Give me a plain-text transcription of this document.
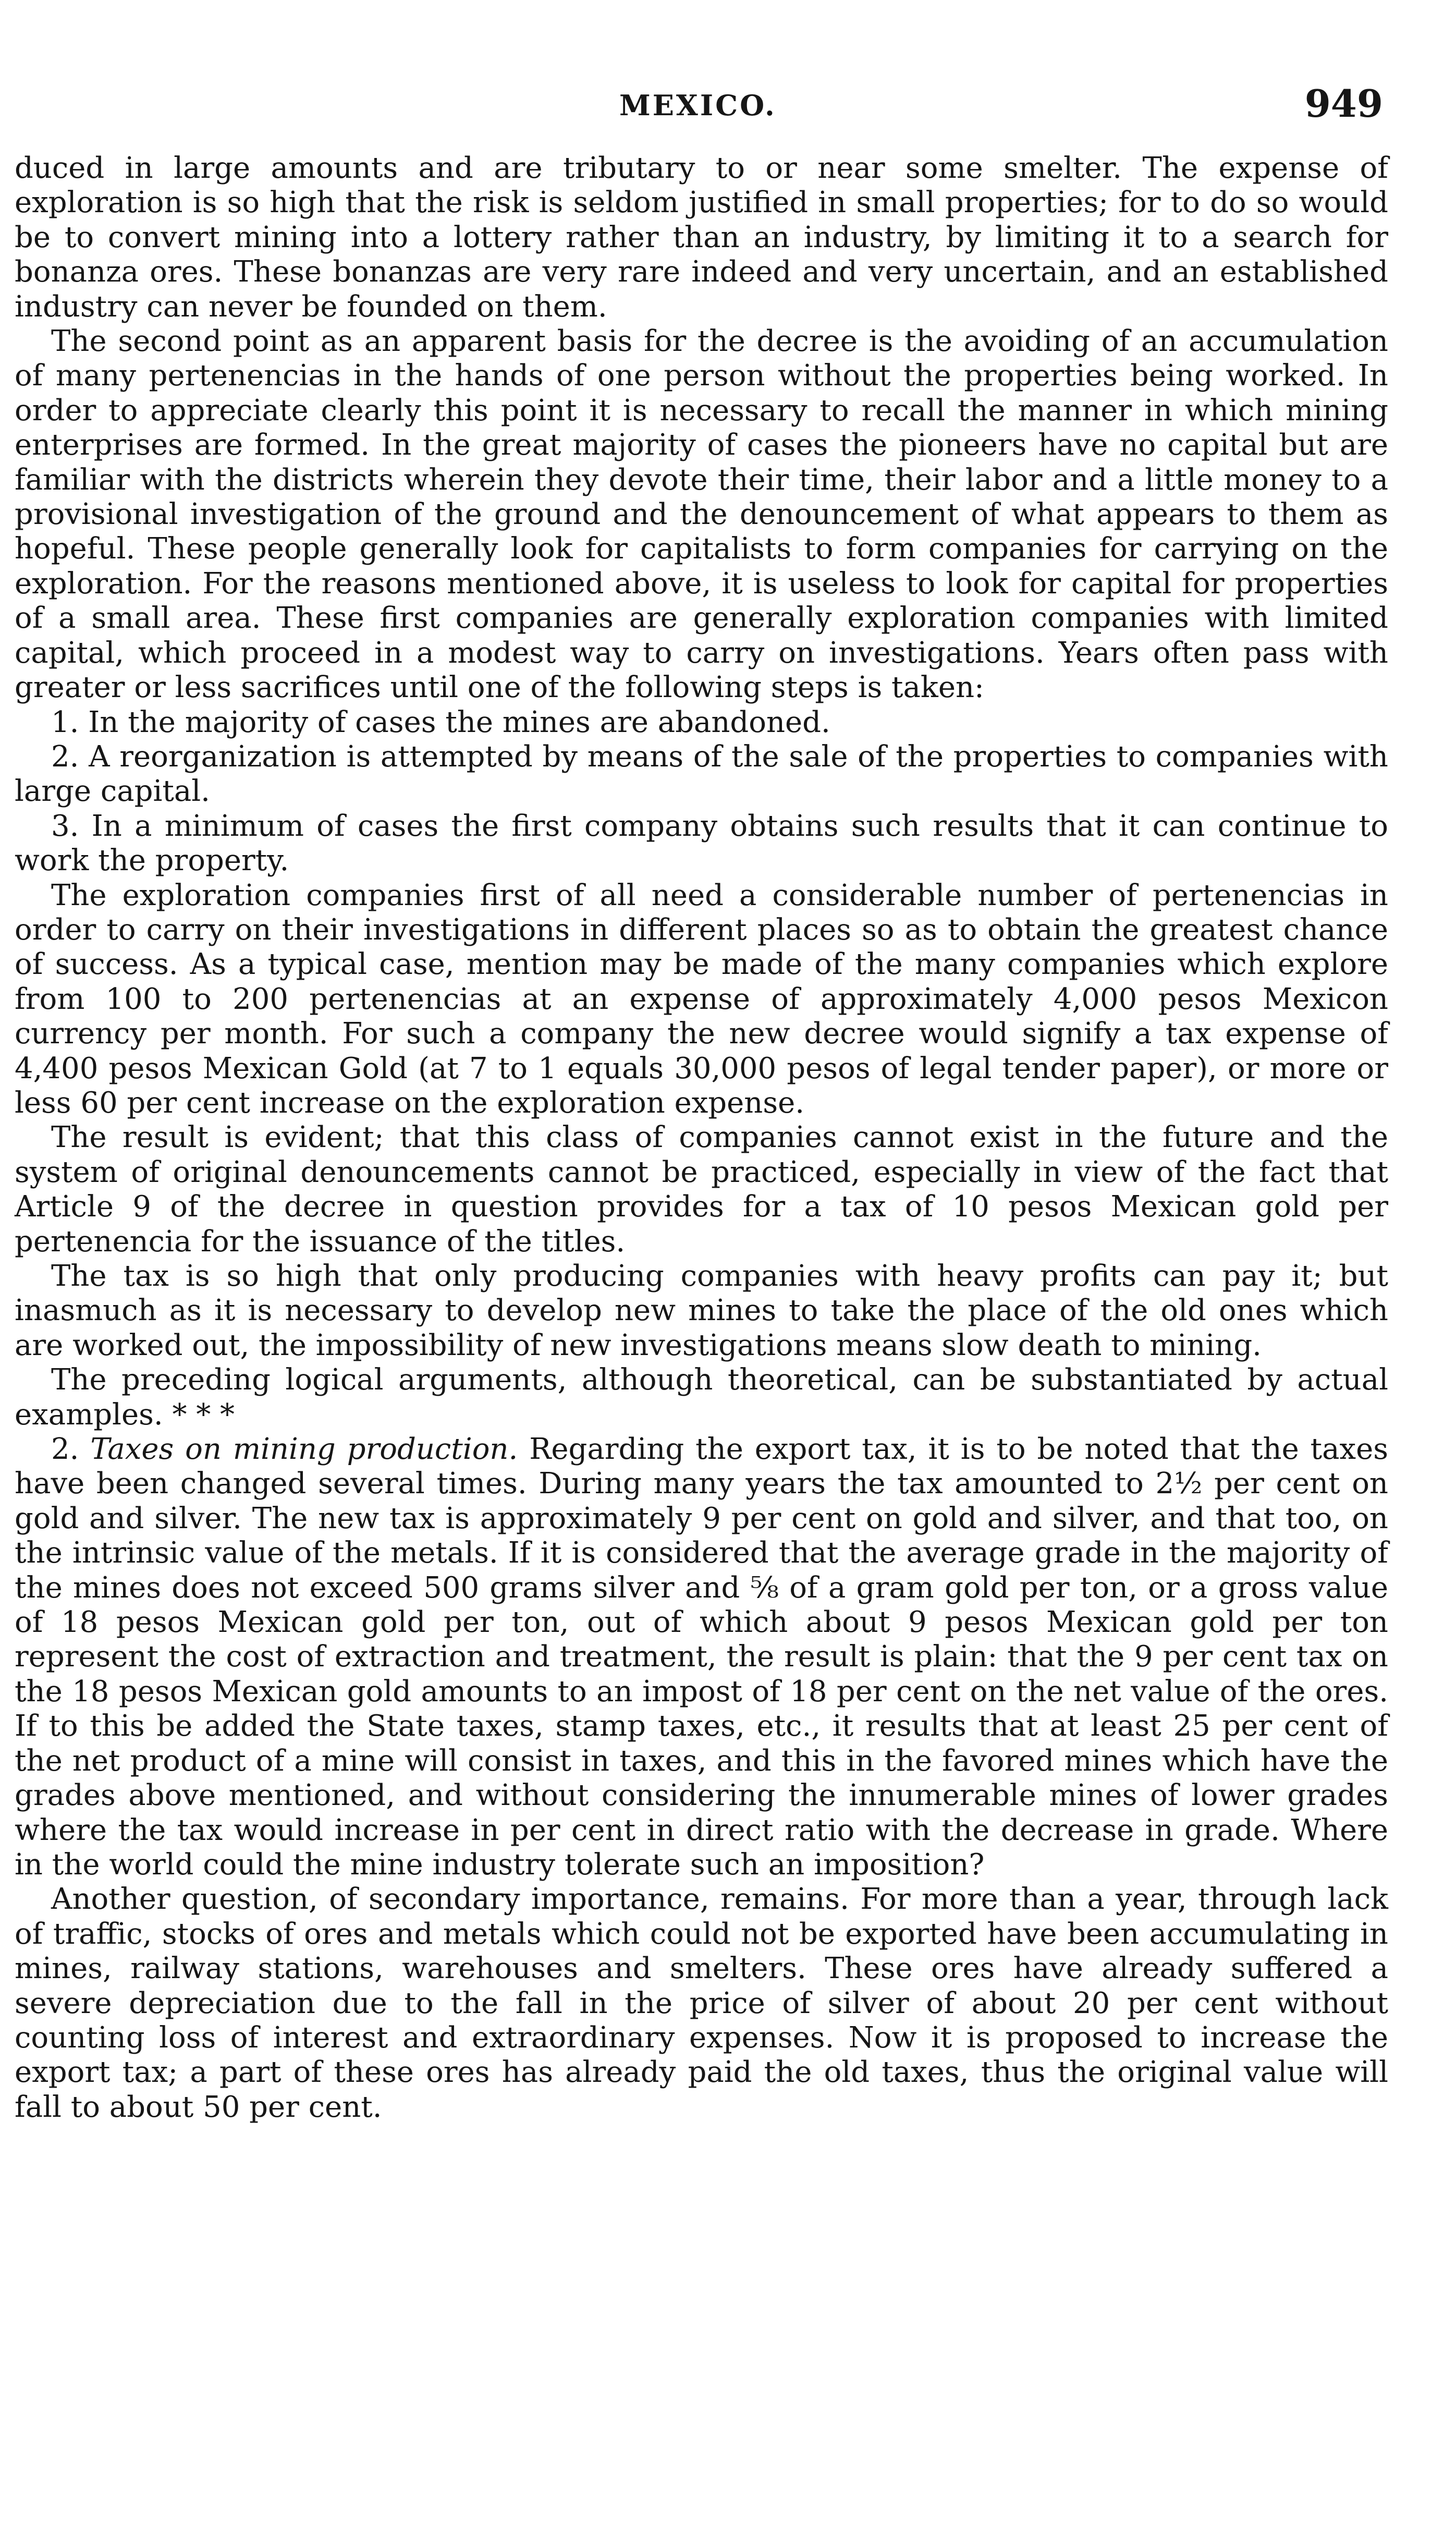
MEXICO.	949

duced in large amounts and are tributary to or near some smelter. The expense of exploration is so high that the risk is seldom justified in small properties; for to do so would be to convert mining into a lottery rather than an industry, by limiting it to a search for bonanza ores. These bonanzas are very rare indeed and very uncertain, and an established industry can never be founded on them.

The second point as an apparent basis for the decree is the avoiding of an accumulation of many pertenencias in the hands of one person without the properties being worked. In order to appreciate clearly this point it is necessary to recall the manner in which mining enterprises are formed. In the great majority of cases the pioneers have no capital but are familiar with the districts wherein they devote their time, their labor and a little money to a provisional investigation of the ground and the denouncement of what appears to them as hopeful. These people generally look for capitalists to form companies for carrying on the exploration. For the reasons mentioned above, it is useless to look for capital for properties of a small area. These first companies are generally exploration companies with limited capital, which proceed in a modest way to carry on investigations. Years often pass with greater or less sacrifices until one of the following steps is taken:

1. In the majority of cases the mines are abandoned.

2. A reorganization is attempted by means of the sale of the properties to companies with large capital.

3. In a minimum of cases the first company obtains such results that it can continue to work the property.

The exploration companies first of all need a considerable number of pertenencias in order to carry on their investigations in different places so as to obtain the greatest chance of success. As a typical case, mention may be made of the many companies which explore from 100 to 200 pertenencias at an expense of approximately 4,000 pesos Mexicon currency per month. For such a company the new decree would signify a tax expense of 4,400 pesos Mexican Gold (at 7 to 1 equals 30,000 pesos of legal tender paper), or more or less 60 per cent increase on the exploration expense.

The result is evident; that this class of companies cannot exist in the future and the system of original denouncements cannot be practiced, especially in view of the fact that Article 9 of the decree in question provides for a tax of 10 pesos Mexican gold per pertenencia for the issuance of the titles.

The tax is so high that only producing companies with heavy profits can pay it; but inasmuch as it is necessary to develop new mines to take the place of the old ones which are worked out, the impossibility of new investigations means slow death to mining.

The preceding logical arguments, although theoretical, can be substantiated by actual examples. * * *

2. Taxes on mining production. Regarding the export tax, it is to be noted that the taxes have been changed several times. During many years the tax amounted to 2½ per cent on gold and silver. The new tax is approximately 9 per cent on gold and silver, and that too, on the intrinsic value of the metals. If it is considered that the average grade in the majority of the mines does not exceed 500 grams silver and ⅝ of a gram gold per ton, or a gross value of 18 pesos Mexican gold per ton, out of which about 9 pesos Mexican gold per ton represent the cost of extraction and treatment, the result is plain: that the 9 per cent tax on the 18 pesos Mexican gold amounts to an impost of 18 per cent on the net value of the ores. If to this be added the State taxes, stamp taxes, etc., it results that at least 25 per cent of the net product of a mine will consist in taxes, and this in the favored mines which have the grades above mentioned, and without considering the innumerable mines of lower grades where the tax would increase in per cent in direct ratio with the decrease in grade. Where in the world could the mine industry tolerate such an imposition?

Another question, of secondary importance, remains. For more than a year, through lack of traffic, stocks of ores and metals which could not be exported have been accumulating in mines, railway stations, warehouses and smelters. These ores have already suffered a severe depreciation due to the fall in the price of silver of about 20 per cent without counting loss of interest and extraordinary expenses. Now it is proposed to increase the export tax; a part of these ores has already paid the old taxes, thus the original value will fall to about 50 per cent.
